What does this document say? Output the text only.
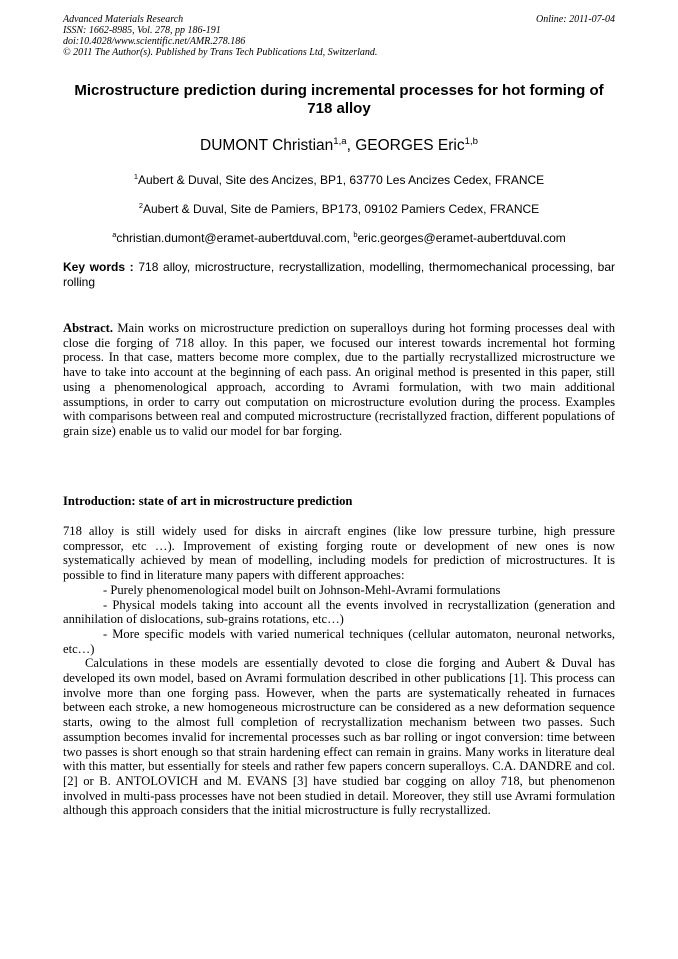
Advanced Materials Research
ISSN: 1662-8985, Vol. 278, pp 186-191
doi:10.4028/www.scientific.net/AMR.278.186
© 2011 The Author(s). Published by Trans Tech Publications Ltd, Switzerland.
Online: 2011-07-04
Microstructure prediction during incremental processes for hot forming of 718 alloy
DUMONT Christian$^{1,a}$, GEORGES Eric$^{1,b}$
$^1$Aubert & Duval, Site des Ancizes, BP1, 63770 Les Ancizes Cedex, FRANCE
$^2$Aubert & Duval, Site de Pamiers, BP173, 09102 Pamiers Cedex, FRANCE
$^a$christian.dumont@eramet-aubertduval.com, $^b$eric.georges@eramet-aubertduval.com
Key words : 718 alloy, microstructure, recrystallization, modelling, thermomechanical processing, bar rolling
Abstract. Main works on microstructure prediction on superalloys during hot forming processes deal with close die forging of 718 alloy. In this paper, we focused our interest towards incremental hot forming process. In that case, matters become more complex, due to the partially recrystallized microstructure we have to take into account at the beginning of each pass. An original method is presented in this paper, still using a phenomenological approach, according to Avrami formulation, with two main additional assumptions, in order to carry out computation on microstructure evolution during the process. Examples with comparisons between real and computed microstructure (recristallyzed fraction, different populations of grain size) enable us to valid our model for bar forging.
Introduction: state of art in microstructure prediction

718 alloy is still widely used for disks in aircraft engines (like low pressure turbine, high pressure compressor, etc …). Improvement of existing forging route or development of new ones is now systematically achieved by mean of modelling, including models for prediction of microstructures. It is possible to find in literature many papers with different approaches:

- Purely phenomenological model built on Johnson-Mehl-Avrami formulations

- Physical models taking into account all the events involved in recrystallization (generation and annihilation of dislocations, sub-grains rotations, etc…)

- More specific models with varied numerical techniques (cellular automaton, neuronal networks, etc…)

Calculations in these models are essentially devoted to close die forging and Aubert & Duval has developed its own model, based on Avrami formulation described in other publications [1]. This process can involve more than one forging pass. However, when the parts are systematically reheated in furnaces between each stroke, a new homogeneous microstructure can be considered as a new deformation sequence starts, owing to the almost full completion of recrystallization mechanism between two passes. Such assumption becomes invalid for incremental processes such as bar rolling or ingot conversion: time between two passes is short enough so that strain hardening effect can remain in grains. Many works in literature deal with this matter, but essentially for steels and rather few papers concern superalloys. C.A. DANDRE and col. [2] or B. ANTOLOVICH and M. EVANS [3] have studied bar cogging on alloy 718, but phenomenon involved in multi-pass processes have not been studied in detail. Moreover, they still use Avrami formulation although this approach considers that the initial microstructure is fully recrystallized.
